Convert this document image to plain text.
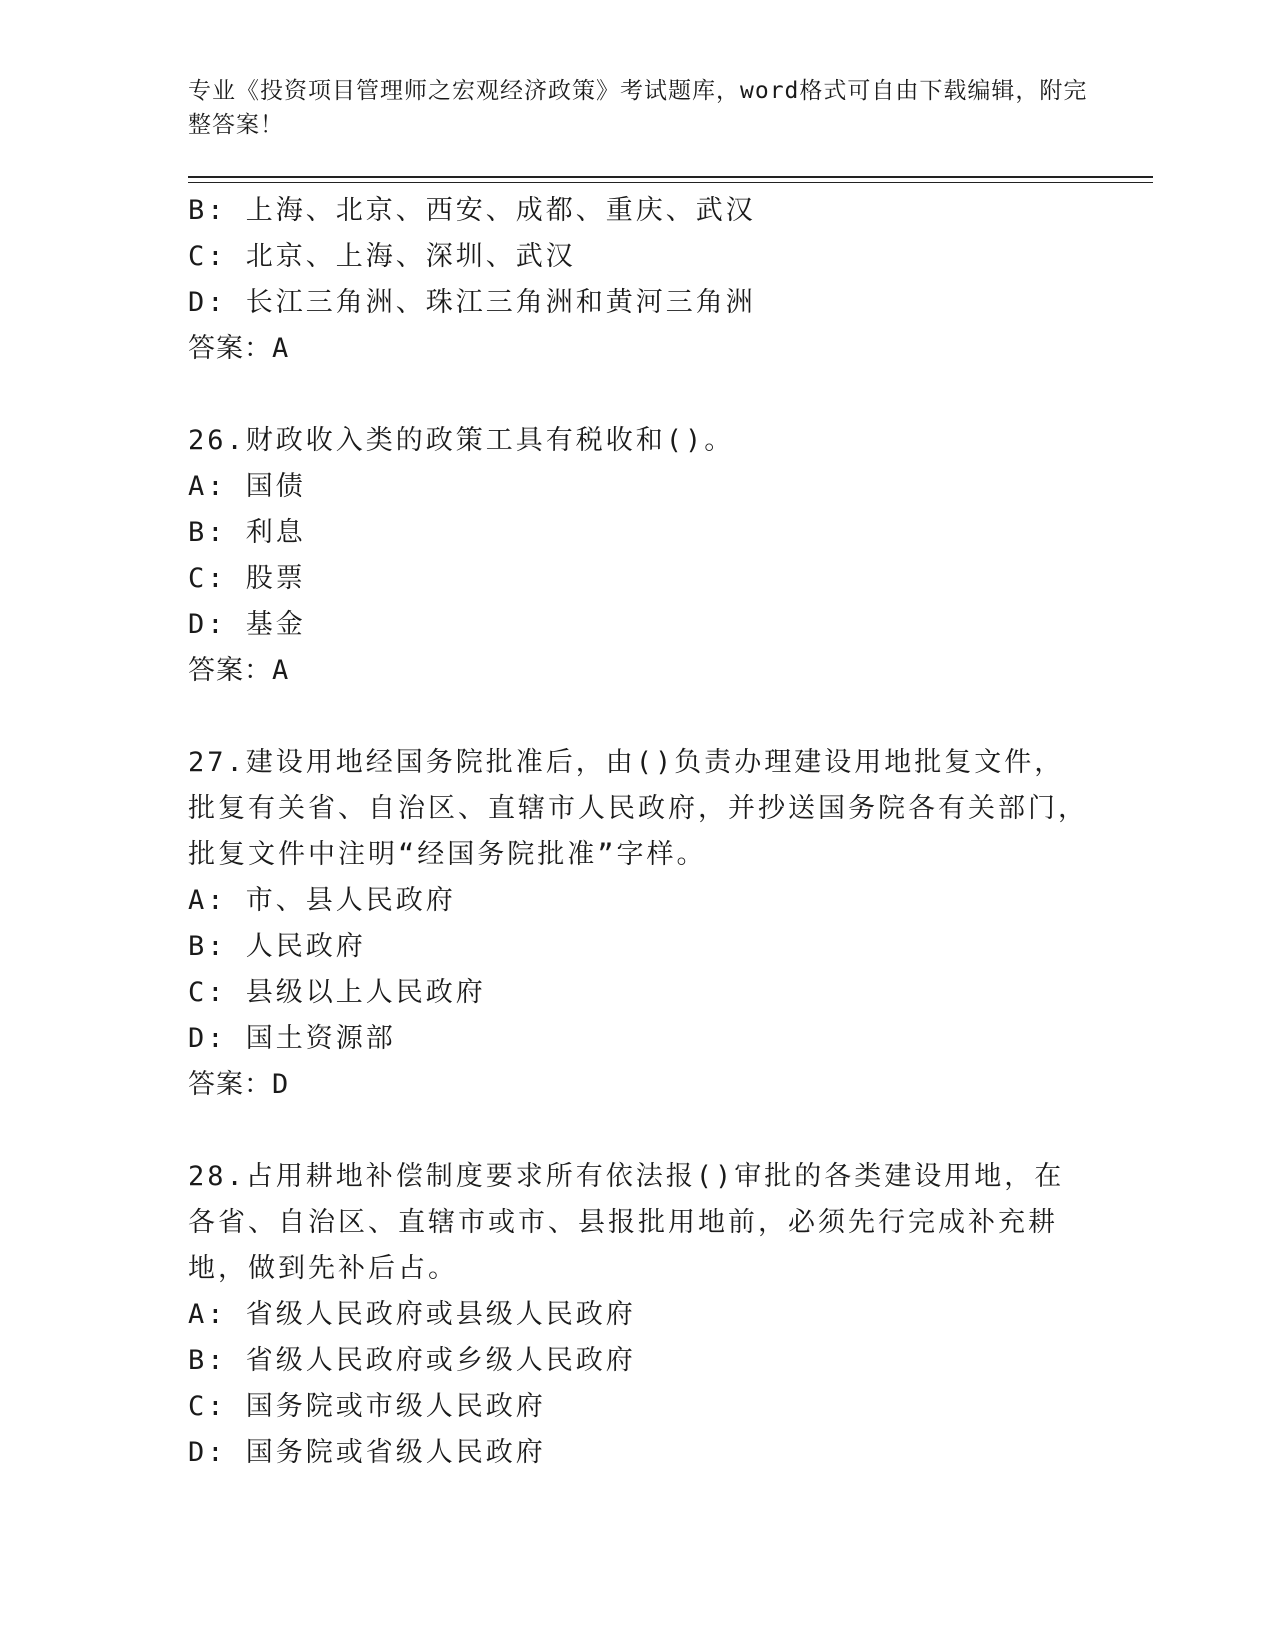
专业《投资项目管理师之宏观经济政策》考试题库，word格式可自由下载编辑，附完整答案！
B: 上海、北京、西安、成都、重庆、武汉
C: 北京、上海、深圳、武汉
D: 长江三角洲、珠江三角洲和黄河三角洲
答案：A
26.财政收入类的政策工具有税收和()。
A: 国债
B: 利息
C: 股票
D: 基金
答案：A
27.建设用地经国务院批准后，由()负责办理建设用地批复文件，批复有关省、自治区、直辖市人民政府，并抄送国务院各有关部门，批复文件中注明“经国务院批准”字样。
A: 市、县人民政府
B: 人民政府
C: 县级以上人民政府
D: 国土资源部
答案：D
28.占用耕地补偿制度要求所有依法报()审批的各类建设用地，在各省、自治区、直辖市或市、县报批用地前，必须先行完成补充耕地，做到先补后占。
A: 省级人民政府或县级人民政府
B: 省级人民政府或乡级人民政府
C: 国务院或市级人民政府
D: 国务院或省级人民政府
